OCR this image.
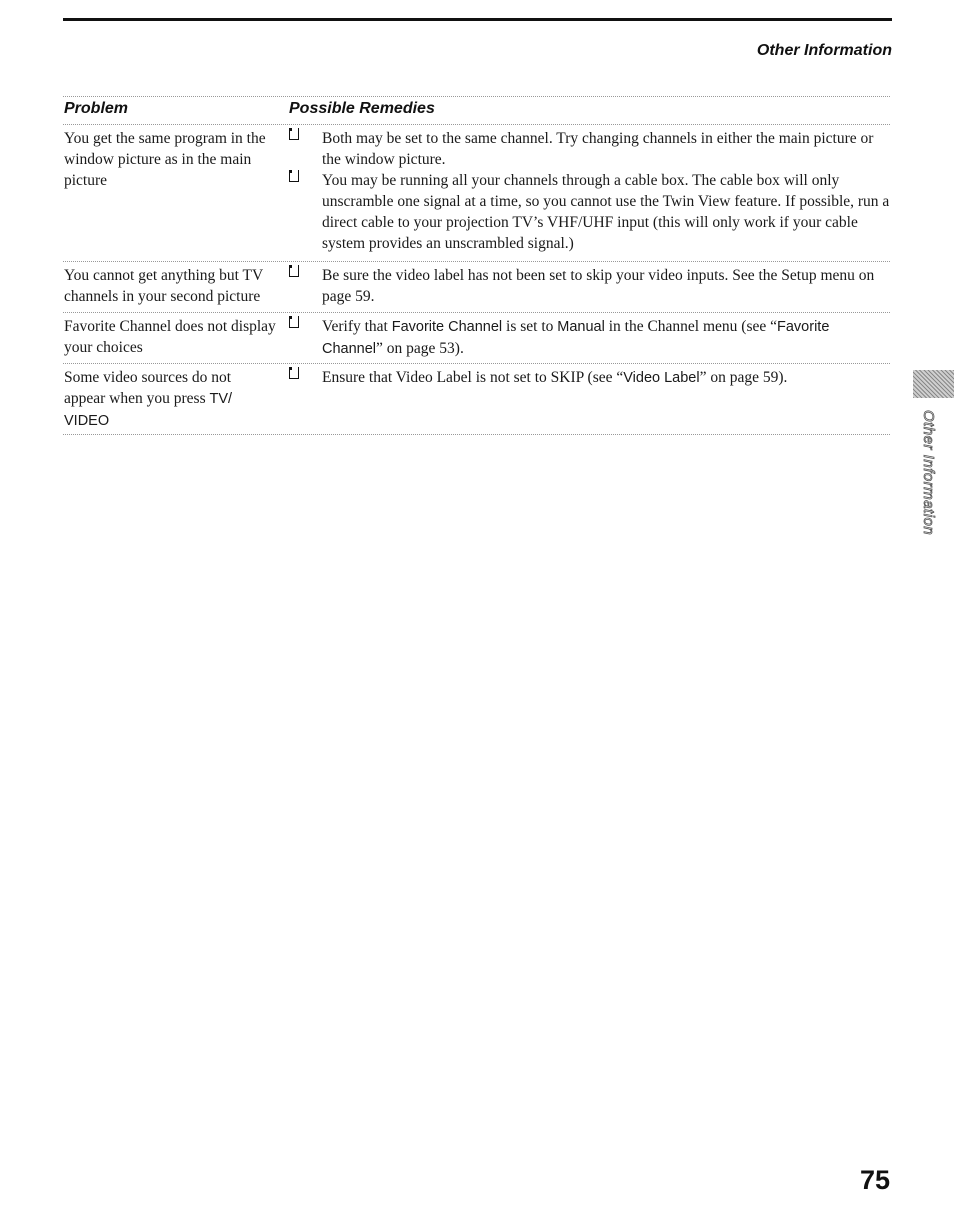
Other Information
Problem	Possible Remedies
You get the same program in the window picture as in the main picture
Both may be set to the same channel. Try changing channels in either the main picture or the window picture.
You may be running all your channels through a cable box. The cable box will only unscramble one signal at a time, so you cannot use the Twin View feature. If possible, run a direct cable to your projection TV’s VHF/UHF input (this will only work if your cable system provides an unscrambled signal.)
You cannot get anything but TV channels in your second picture
Be sure the video label has not been set to skip your video inputs. See the Setup menu on page 59.
Favorite Channel does not display your choices
Verify that Favorite Channel is set to Manual in the Channel menu (see “Favorite Channel” on page 53).
Some video sources do not appear when you press TV/ VIDEO
Ensure that Video Label is not set to SKIP (see “Video Label” on page 59).
Other Information
75
